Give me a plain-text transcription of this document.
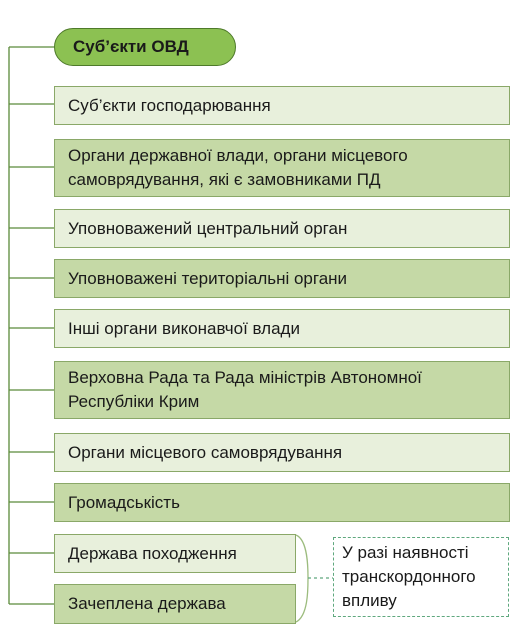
Суб’єкти ОВД
Суб’єкти господарювання
Органи державної влади, органи місцевого самоврядування, які є замовниками ПД
Уповноважений центральний орган
Уповноважені територіальні органи
Інші органи виконавчої влади
Верховна Рада та Рада міністрів Автономної Республіки Крим
Органи місцевого самоврядування
Громадськість
Держава походження
Зачеплена держава
У разі наявності транскордонного впливу
